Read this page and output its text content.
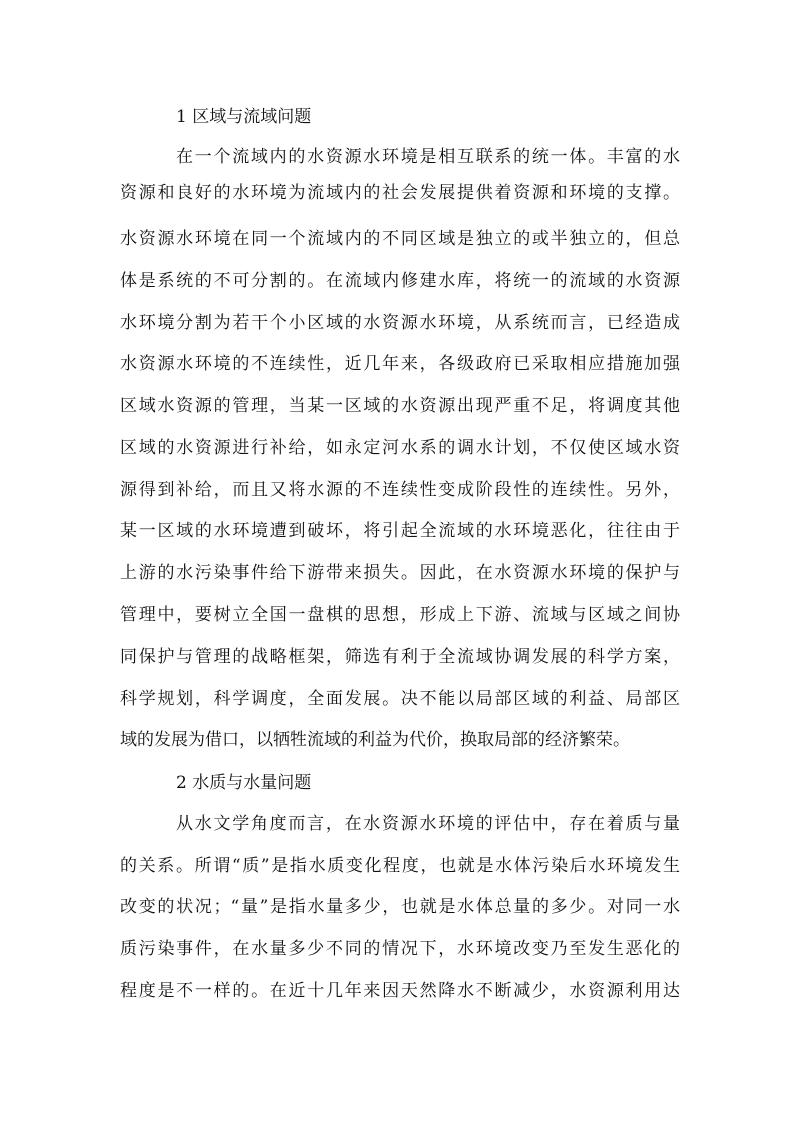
1 区域与流域问题
在一个流域内的水资源水环境是相互联系的统一体。丰富的水
资源和良好的水环境为流域内的社会发展提供着资源和环境的支撑。
水资源水环境在同一个流域内的不同区域是独立的或半独立的，但总
体是系统的不可分割的。在流域内修建水库，将统一的流域的水资源
水环境分割为若干个小区域的水资源水环境，从系统而言，已经造成
水资源水环境的不连续性，近几年来，各级政府已采取相应措施加强
区域水资源的管理，当某一区域的水资源出现严重不足，将调度其他
区域的水资源进行补给，如永定河水系的调水计划，不仅使区域水资
源得到补给，而且又将水源的不连续性变成阶段性的连续性。另外，
某一区域的水环境遭到破坏，将引起全流域的水环境恶化，往往由于
上游的水污染事件给下游带来损失。因此，在水资源水环境的保护与
管理中，要树立全国一盘棋的思想，形成上下游、流域与区域之间协
同保护与管理的战略框架，筛选有利于全流域协调发展的科学方案，
科学规划，科学调度，全面发展。决不能以局部区域的利益、局部区
域的发展为借口，以牺牲流域的利益为代价，换取局部的经济繁荣。
2 水质与水量问题
从水文学角度而言，在水资源水环境的评估中，存在着质与量
的关系。所谓“质”是指水质变化程度，也就是水体污染后水环境发生
改变的状况；“量”是指水量多少，也就是水体总量的多少。对同一水
质污染事件，在水量多少不同的情况下，水环境改变乃至发生恶化的
程度是不一样的。在近十几年来因天然降水不断减少，水资源利用达
